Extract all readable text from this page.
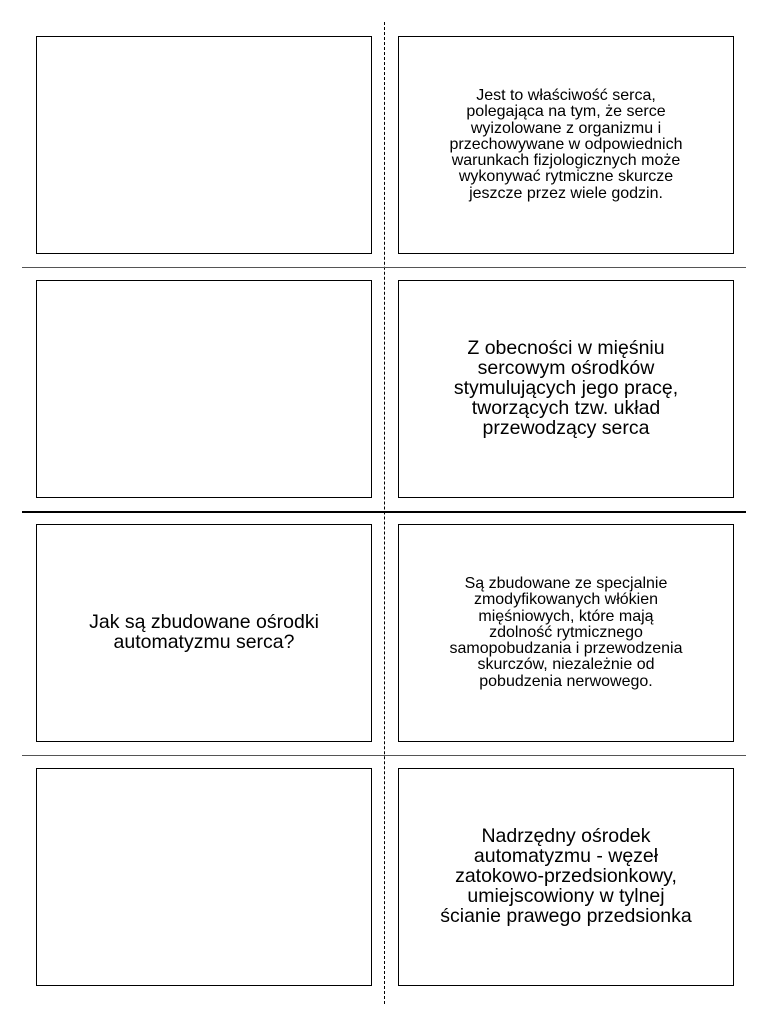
Jest to właściwość serca,
polegająca na tym, że serce
wyizolowane z organizmu i
przechowywane w odpowiednich
warunkach fizjologicznych może
wykonywać rytmiczne skurcze
jeszcze przez wiele godzin.
Z obecności w mięśniu
sercowym ośrodków
stymulujących jego pracę,
tworzących tzw. układ
przewodzący serca
Jak są zbudowane ośrodki
automatyzmu serca?
Są zbudowane ze specjalnie
zmodyfikowanych włókien
mięśniowych, które mają
zdolność rytmicznego
samopobudzania i przewodzenia
skurczów, niezależnie od
pobudzenia nerwowego.
Nadrzędny ośrodek
automatyzmu - węzeł
zatokowo-przedsionkowy,
umiejscowiony w tylnej
ścianie prawego przedsionka
